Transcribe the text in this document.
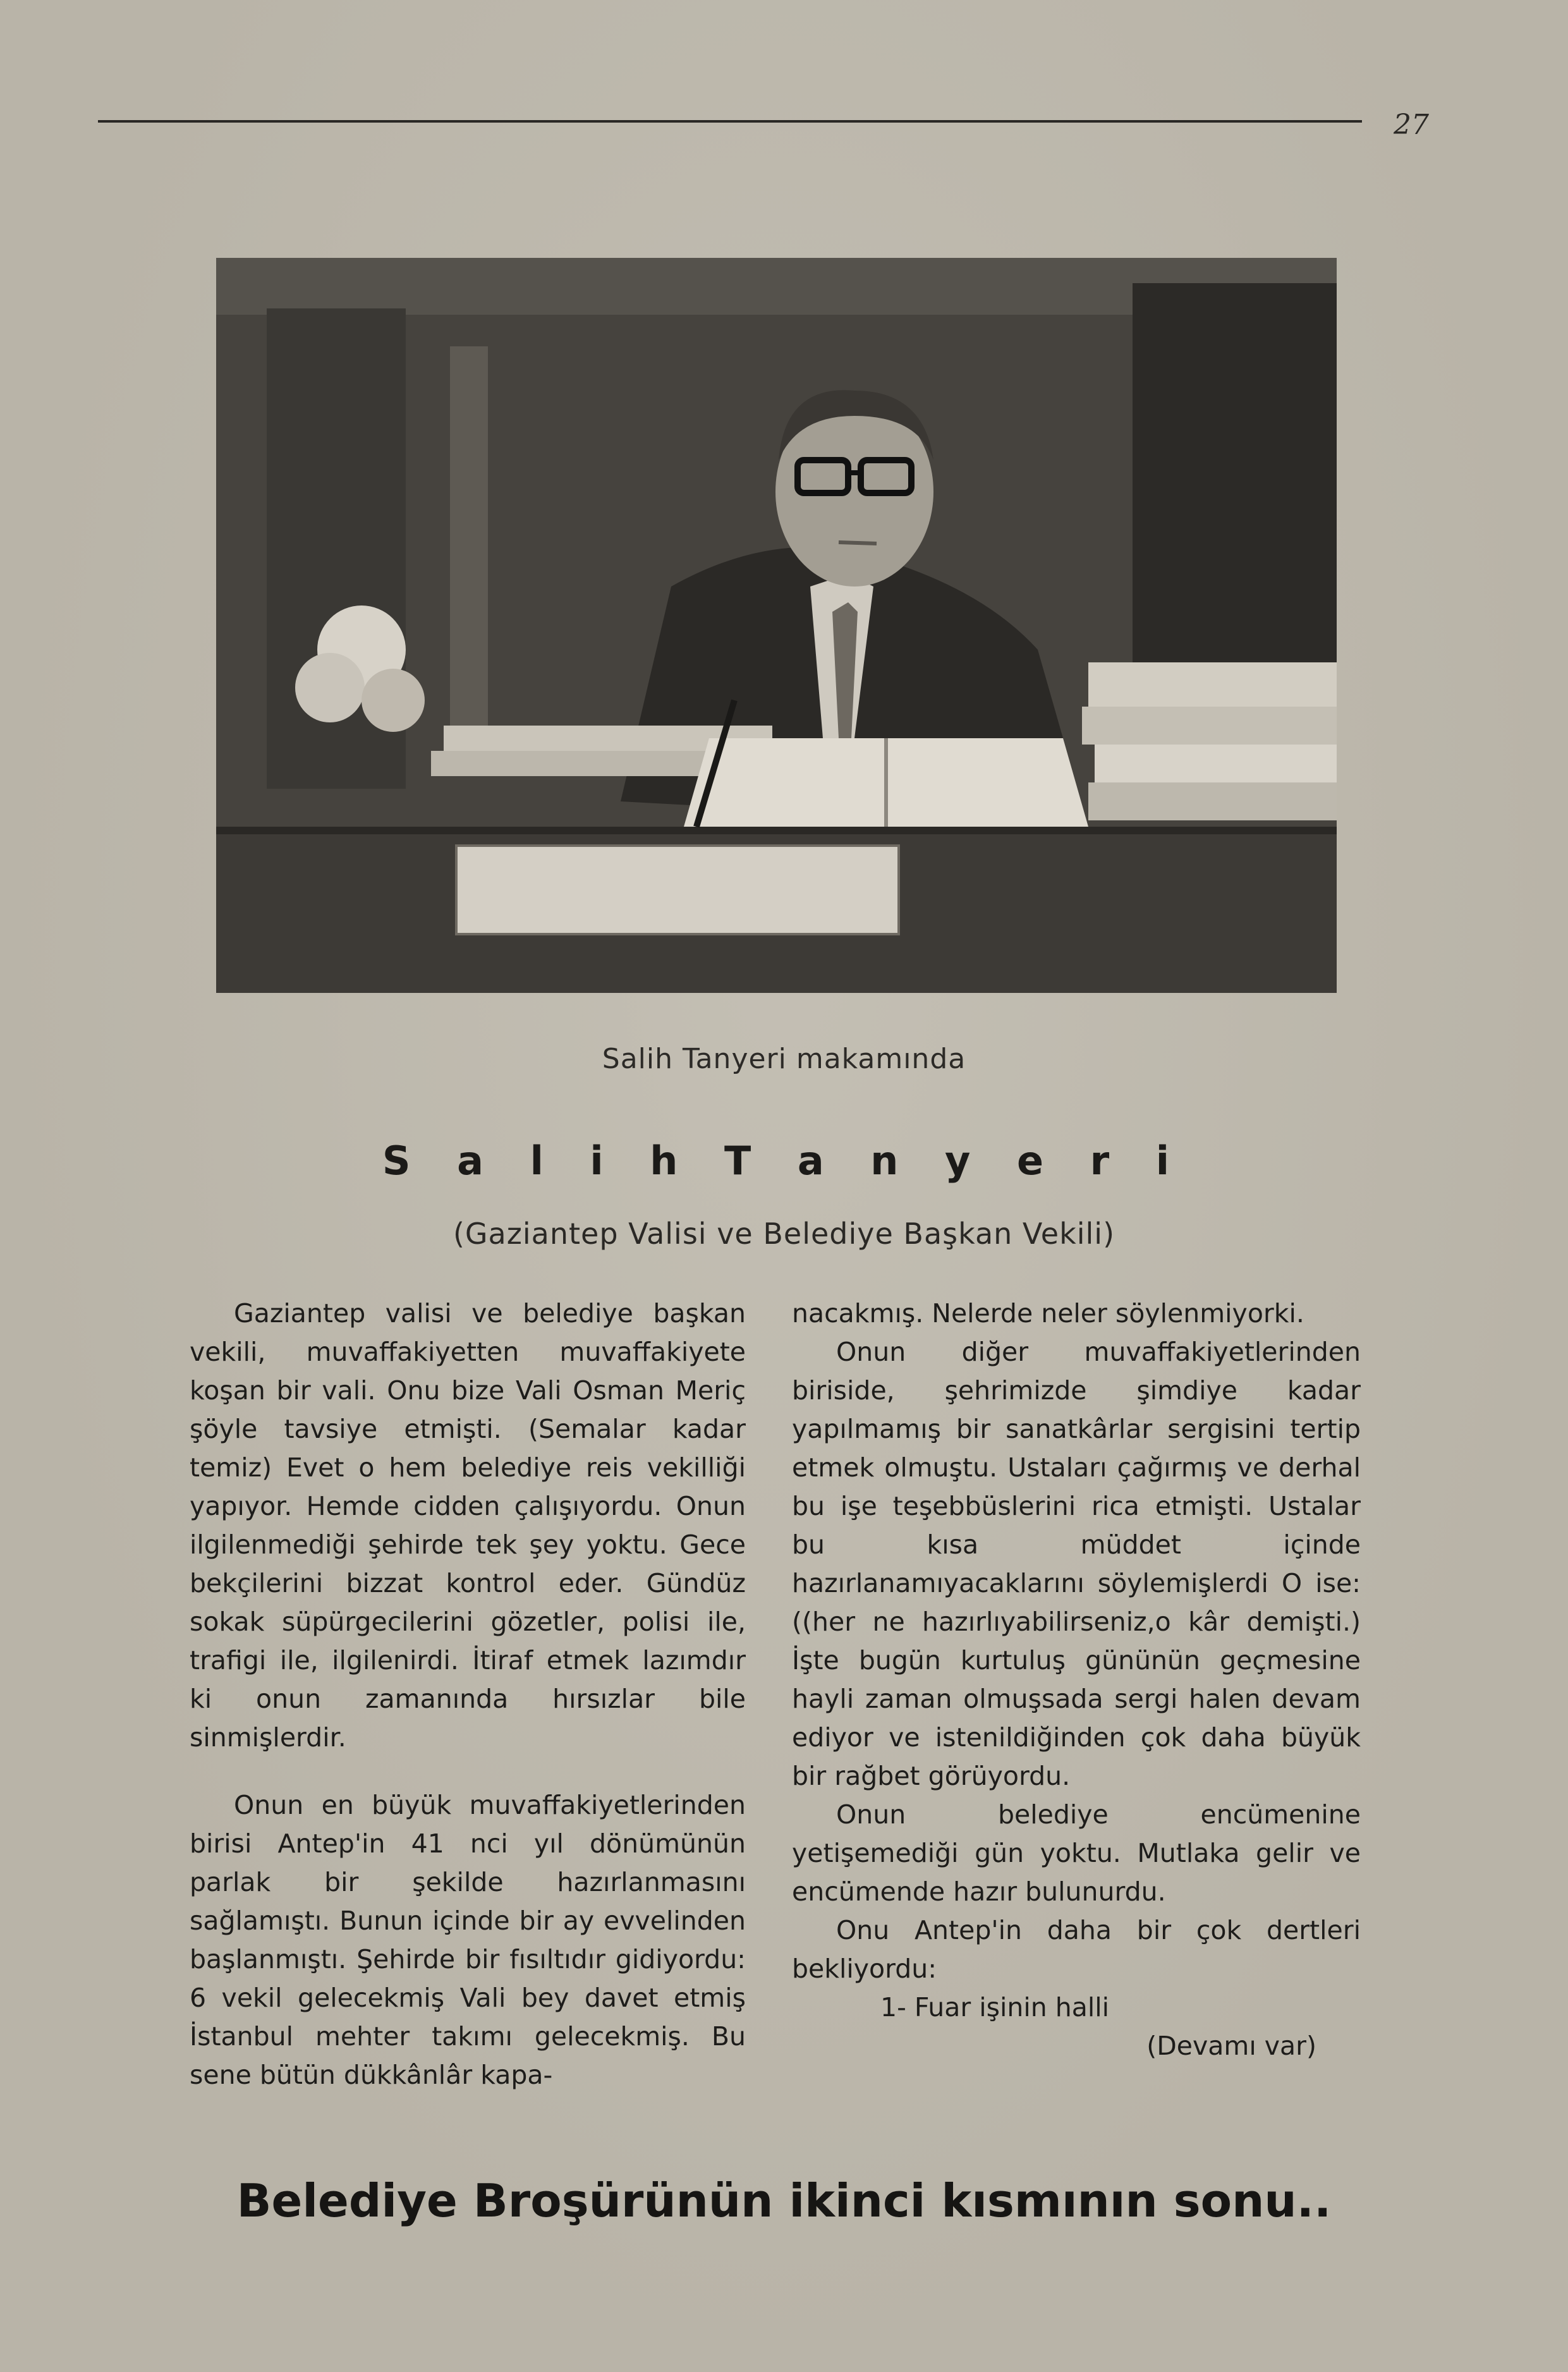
27
Salih Tanyeri makamında
S a l i h T a n y e r i
(Gaziantep Valisi ve Belediye Başkan Vekili)

Gaziantep valisi ve belediye başkan vekili, muvaffakiyetten muvaffakiyete koşan bir vali. Onu bize Vali Osman Meriç şöyle tavsiye etmişti. (Semalar kadar temiz) Evet o hem belediye reis vekilliği yapıyor. Hemde cidden çalışıyordu. Onun ilgilenmediği şehirde tek şey yoktu. Gece bekçilerini bizzat kontrol eder. Gündüz sokak süpürgecilerini gözetler, polisi ile, trafigi ile, ilgilenirdi. İtiraf etmek lazımdır ki onun zamanında hırsızlar bile sinmişlerdir.

Onun en büyük muvaffakiyetlerinden birisi Antep'in 41 nci yıl dönümünün parlak bir şekilde hazırlanmasını sağlamıştı. Bunun içinde bir ay evvelinden başlanmıştı. Şehirde bir fısıltıdır gidiyordu: 6 vekil gelecekmiş Vali bey davet etmiş İstanbul mehter takımı gelecekmiş. Bu sene bütün dükkânlâr kapa-

nacakmış. Nelerde neler söylenmiyorki.

Onun diğer muvaffakiyetlerinden biriside, şehrimizde şimdiye kadar yapılmamış bir sanatkârlar sergisini tertip etmek olmuştu. Ustaları çağırmış ve derhal bu işe teşebbüslerini rica etmişti. Ustalar bu kısa müddet içinde hazırlanamıyacaklarını söylemişlerdi O ise: ((her ne hazırlıyabilirseniz,o kâr demişti.) İşte bugün kurtuluş gününün geçmesine hayli zaman olmuşsada sergi halen devam ediyor ve istenildiğinden çok daha büyük bir rağbet görüyordu.

Onun belediye encümenine yetişemediği gün yoktu. Mutlaka gelir ve encümende hazır bulunurdu.

Onu Antep'in daha bir çok dertleri bekliyordu:

1- Fuar işinin halli

(Devamı var)

Belediye Broşürünün ikinci kısmının sonu..
